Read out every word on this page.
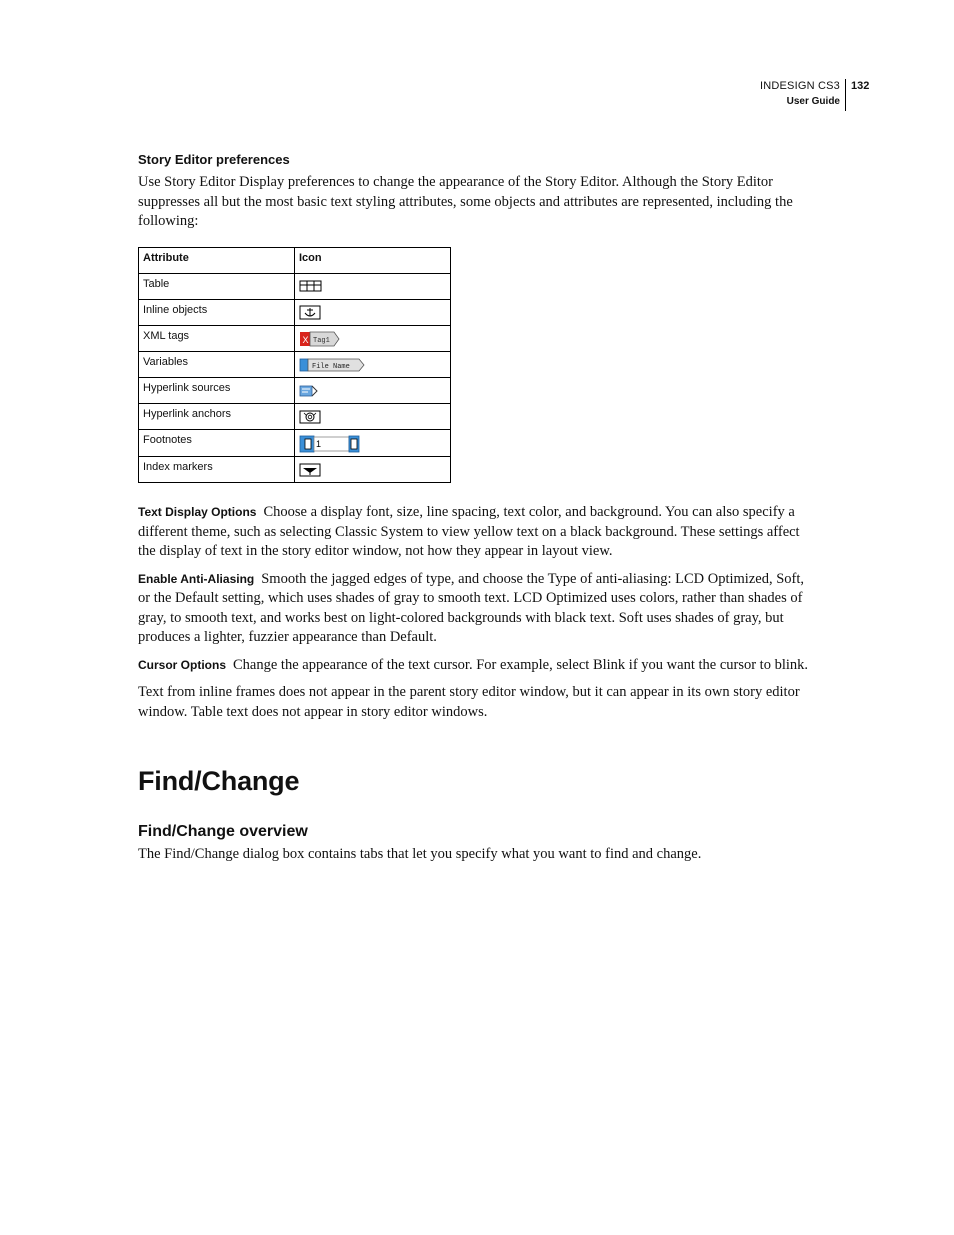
INDESIGN CS3
User Guide
132
Story Editor preferences

Use Story Editor Display preferences to change the appearance of the Story Editor. Although the Story Editor suppresses all but the most basic text styling attributes, some objects and attributes are represented, including the following:

Attribute	Icon
Table	
Inline objects	
XML tags	X Tag1

Variables	File Name

Hyperlink sources	
Hyperlink anchors	
Footnotes	1

Index markers	

Text Display Options Choose a display font, size, line spacing, text color, and background. You can also specify a different theme, such as selecting Classic System to view yellow text on a black background. These settings affect the display of text in the story editor window, not how they appear in layout view.

Enable Anti-Aliasing Smooth the jagged edges of type, and choose the Type of anti-aliasing: LCD Optimized, Soft, or the Default setting, which uses shades of gray to smooth text. LCD Optimized uses colors, rather than shades of gray, to smooth text, and works best on light-colored backgrounds with black text. Soft uses shades of gray, but produces a lighter, fuzzier appearance than Default.

Cursor Options Change the appearance of the text cursor. For example, select Blink if you want the cursor to blink.

Text from inline frames does not appear in the parent story editor window, but it can appear in its own story editor window. Table text does not appear in story editor windows.

Find/Change
Find/Change overview

The Find/Change dialog box contains tabs that let you specify what you want to find and change.
